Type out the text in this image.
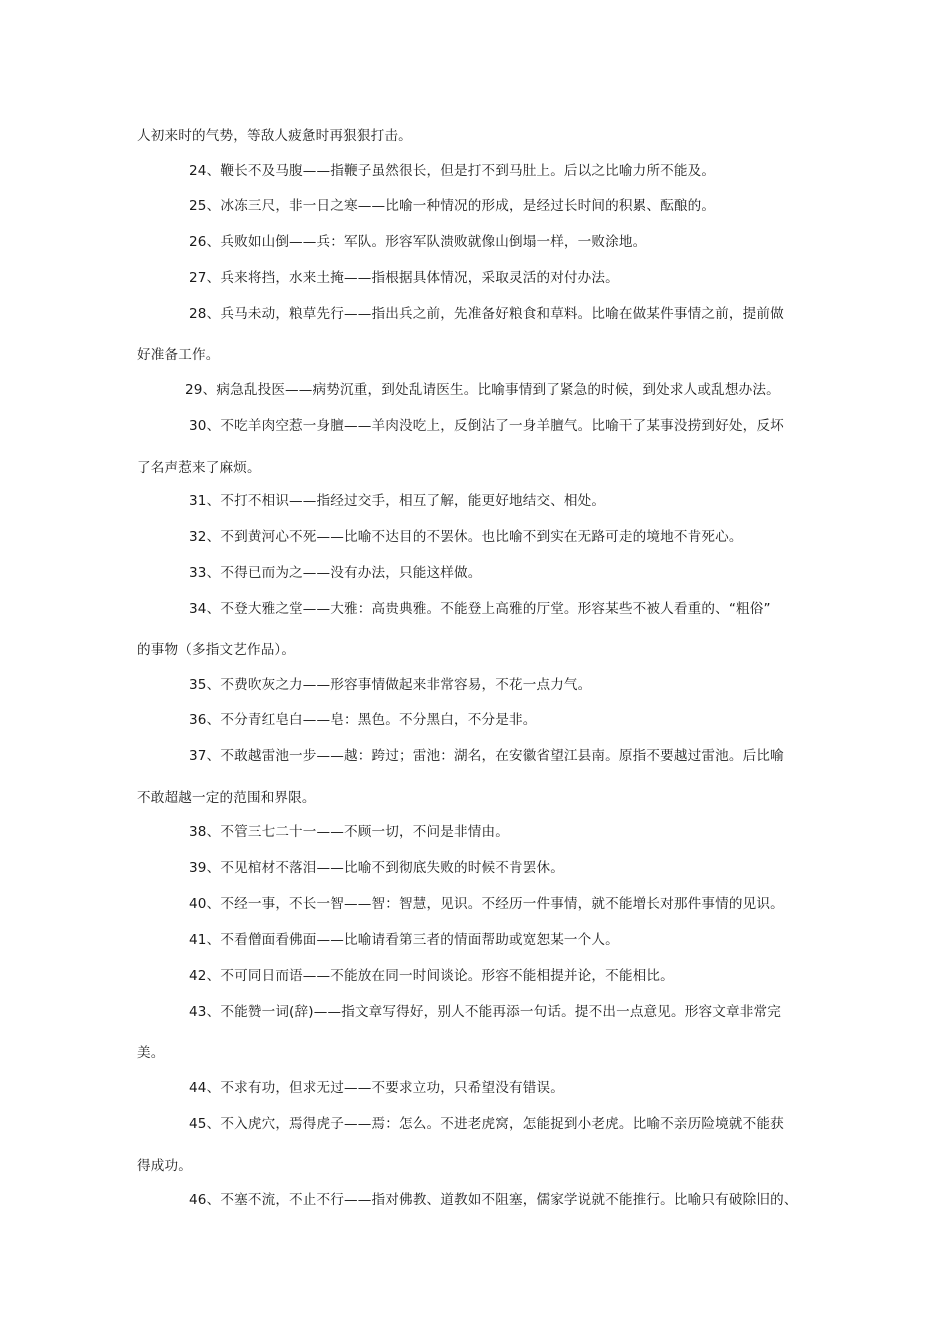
人初来时的气势，等敌人疲惫时再狠狠打击。
24、鞭长不及马腹——指鞭子虽然很长，但是打不到马肚上。后以之比喻力所不能及。
25、冰冻三尺，非一日之寒——比喻一种情况的形成，是经过长时间的积累、酝酿的。
26、兵败如山倒——兵：军队。形容军队溃败就像山倒塌一样，一败涂地。
27、兵来将挡，水来土掩——指根据具体情况，采取灵活的对付办法。
28、兵马未动，粮草先行——指出兵之前，先准备好粮食和草料。比喻在做某件事情之前，提前做
好准备工作。
29、病急乱投医——病势沉重，到处乱请医生。比喻事情到了紧急的时候，到处求人或乱想办法。
30、不吃羊肉空惹一身膻——羊肉没吃上，反倒沾了一身羊膻气。比喻干了某事没捞到好处，反坏
了名声惹来了麻烦。
31、不打不相识——指经过交手，相互了解，能更好地结交、相处。
32、不到黄河心不死——比喻不达目的不罢休。也比喻不到实在无路可走的境地不肯死心。
33、不得已而为之——没有办法，只能这样做。
34、不登大雅之堂——大雅：高贵典雅。不能登上高雅的厅堂。形容某些不被人看重的、“粗俗”
的事物（多指文艺作品）。
35、不费吹灰之力——形容事情做起来非常容易，不花一点力气。
36、不分青红皂白——皂：黑色。不分黑白，不分是非。
37、不敢越雷池一步——越：跨过；雷池：湖名，在安徽省望江县南。原指不要越过雷池。后比喻
不敢超越一定的范围和界限。
38、不管三七二十一——不顾一切，不问是非情由。
39、不见棺材不落泪——比喻不到彻底失败的时候不肯罢休。
40、不经一事，不长一智——智：智慧，见识。不经历一件事情，就不能增长对那件事情的见识。
41、不看僧面看佛面——比喻请看第三者的情面帮助或宽恕某一个人。
42、不可同日而语——不能放在同一时间谈论。形容不能相提并论，不能相比。
43、不能赞一词(辞)——指文章写得好，别人不能再添一句话。提不出一点意见。形容文章非常完
美。
44、不求有功，但求无过——不要求立功，只希望没有错误。
45、不入虎穴，焉得虎子——焉：怎么。不进老虎窝，怎能捉到小老虎。比喻不亲历险境就不能获
得成功。
46、不塞不流，不止不行——指对佛教、道教如不阻塞，儒家学说就不能推行。比喻只有破除旧的、
